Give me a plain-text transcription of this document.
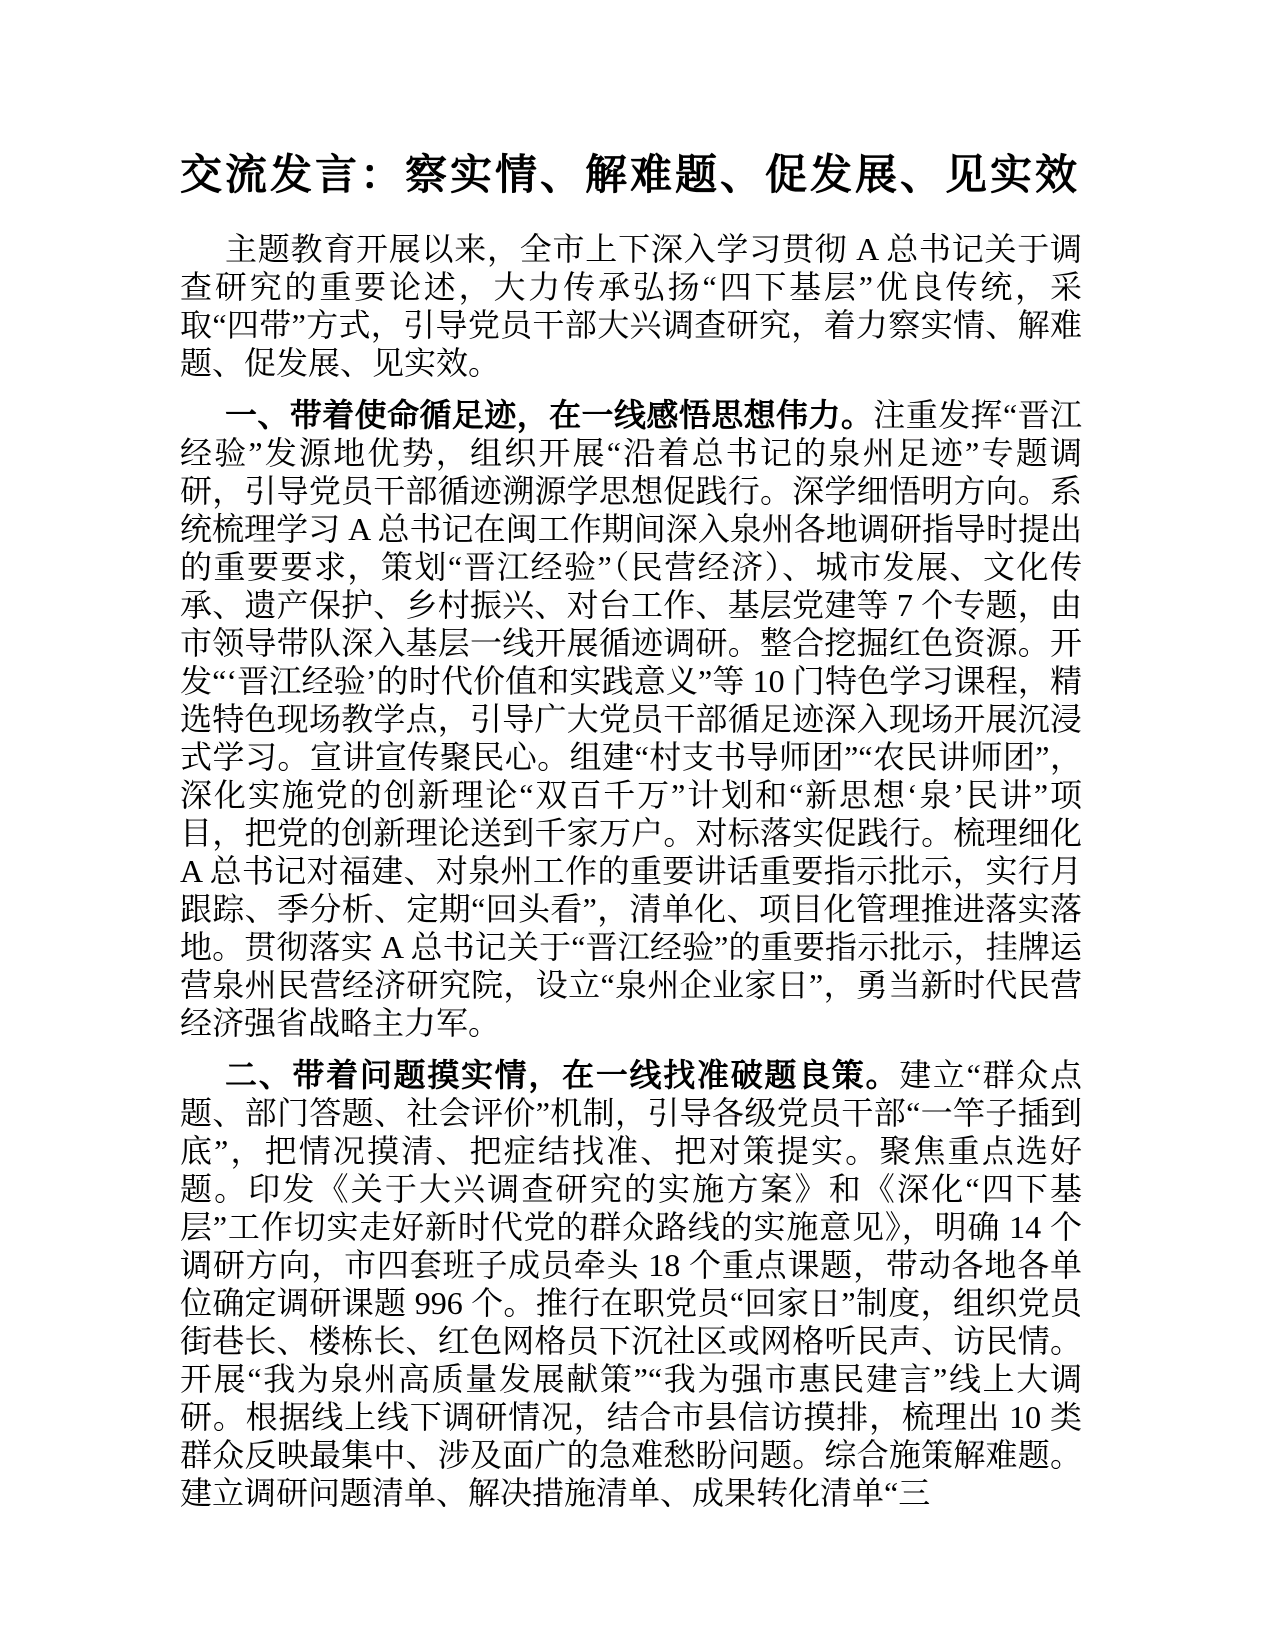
交流发言：察实情、解难题、促发展、见实效

主题教育开展以来，全市上下深入学习贯彻 A 总书记关于调查研究的重要论述，大力传承弘扬“四下基层”优良传统，采取“四带”方式，引导党员干部大兴调查研究，着力察实情、解难题、促发展、见实效。

一、带着使命循足迹，在一线感悟思想伟力。注重发挥“晋江经验”发源地优势，组织开展“沿着总书记的泉州足迹”专题调研，引导党员干部循迹溯源学思想促践行。深学细悟明方向。系统梳理学习 A 总书记在闽工作期间深入泉州各地调研指导时提出的重要要求，策划“晋江经验”（民营经济）、城市发展、文化传承、遗产保护、乡村振兴、对台工作、基层党建等 7 个专题，由市领导带队深入基层一线开展循迹调研。整合挖掘红色资源。开发“‘晋江经验’的时代价值和实践意义”等 10 门特色学习课程，精选特色现场教学点，引导广大党员干部循足迹深入现场开展沉浸式学习。宣讲宣传聚民心。组建“村支书导师团”“农民讲师团”，深化实施党的创新理论“双百千万”计划和“新思想‘泉’民讲”项目，把党的创新理论送到千家万户。对标落实促践行。梳理细化 A 总书记对福建、对泉州工作的重要讲话重要指示批示，实行月跟踪、季分析、定期“回头看”，清单化、项目化管理推进落实落地。贯彻落实 A 总书记关于“晋江经验”的重要指示批示，挂牌运营泉州民营经济研究院，设立“泉州企业家日”，勇当新时代民营经济强省战略主力军。

二、带着问题摸实情，在一线找准破题良策。建立“群众点题、部门答题、社会评价”机制，引导各级党员干部“一竿子插到底”，把情况摸清、把症结找准、把对策提实。聚焦重点选好题。印发《关于大兴调查研究的实施方案》和《深化“四下基层”工作切实走好新时代党的群众路线的实施意见》，明确 14 个调研方向，市四套班子成员牵头 18 个重点课题，带动各地各单位确定调研课题 996 个。推行在职党员“回家日”制度，组织党员街巷长、楼栋长、红色网格员下沉社区或网格听民声、访民情。开展“我为泉州高质量发展献策”“我为强市惠民建言”线上大调研。根据线上线下调研情况，结合市县信访摸排，梳理出 10 类群众反映最集中、涉及面广的急难愁盼问题。综合施策解难题。建立调研问题清单、解决措施清单、成果转化清单“三
